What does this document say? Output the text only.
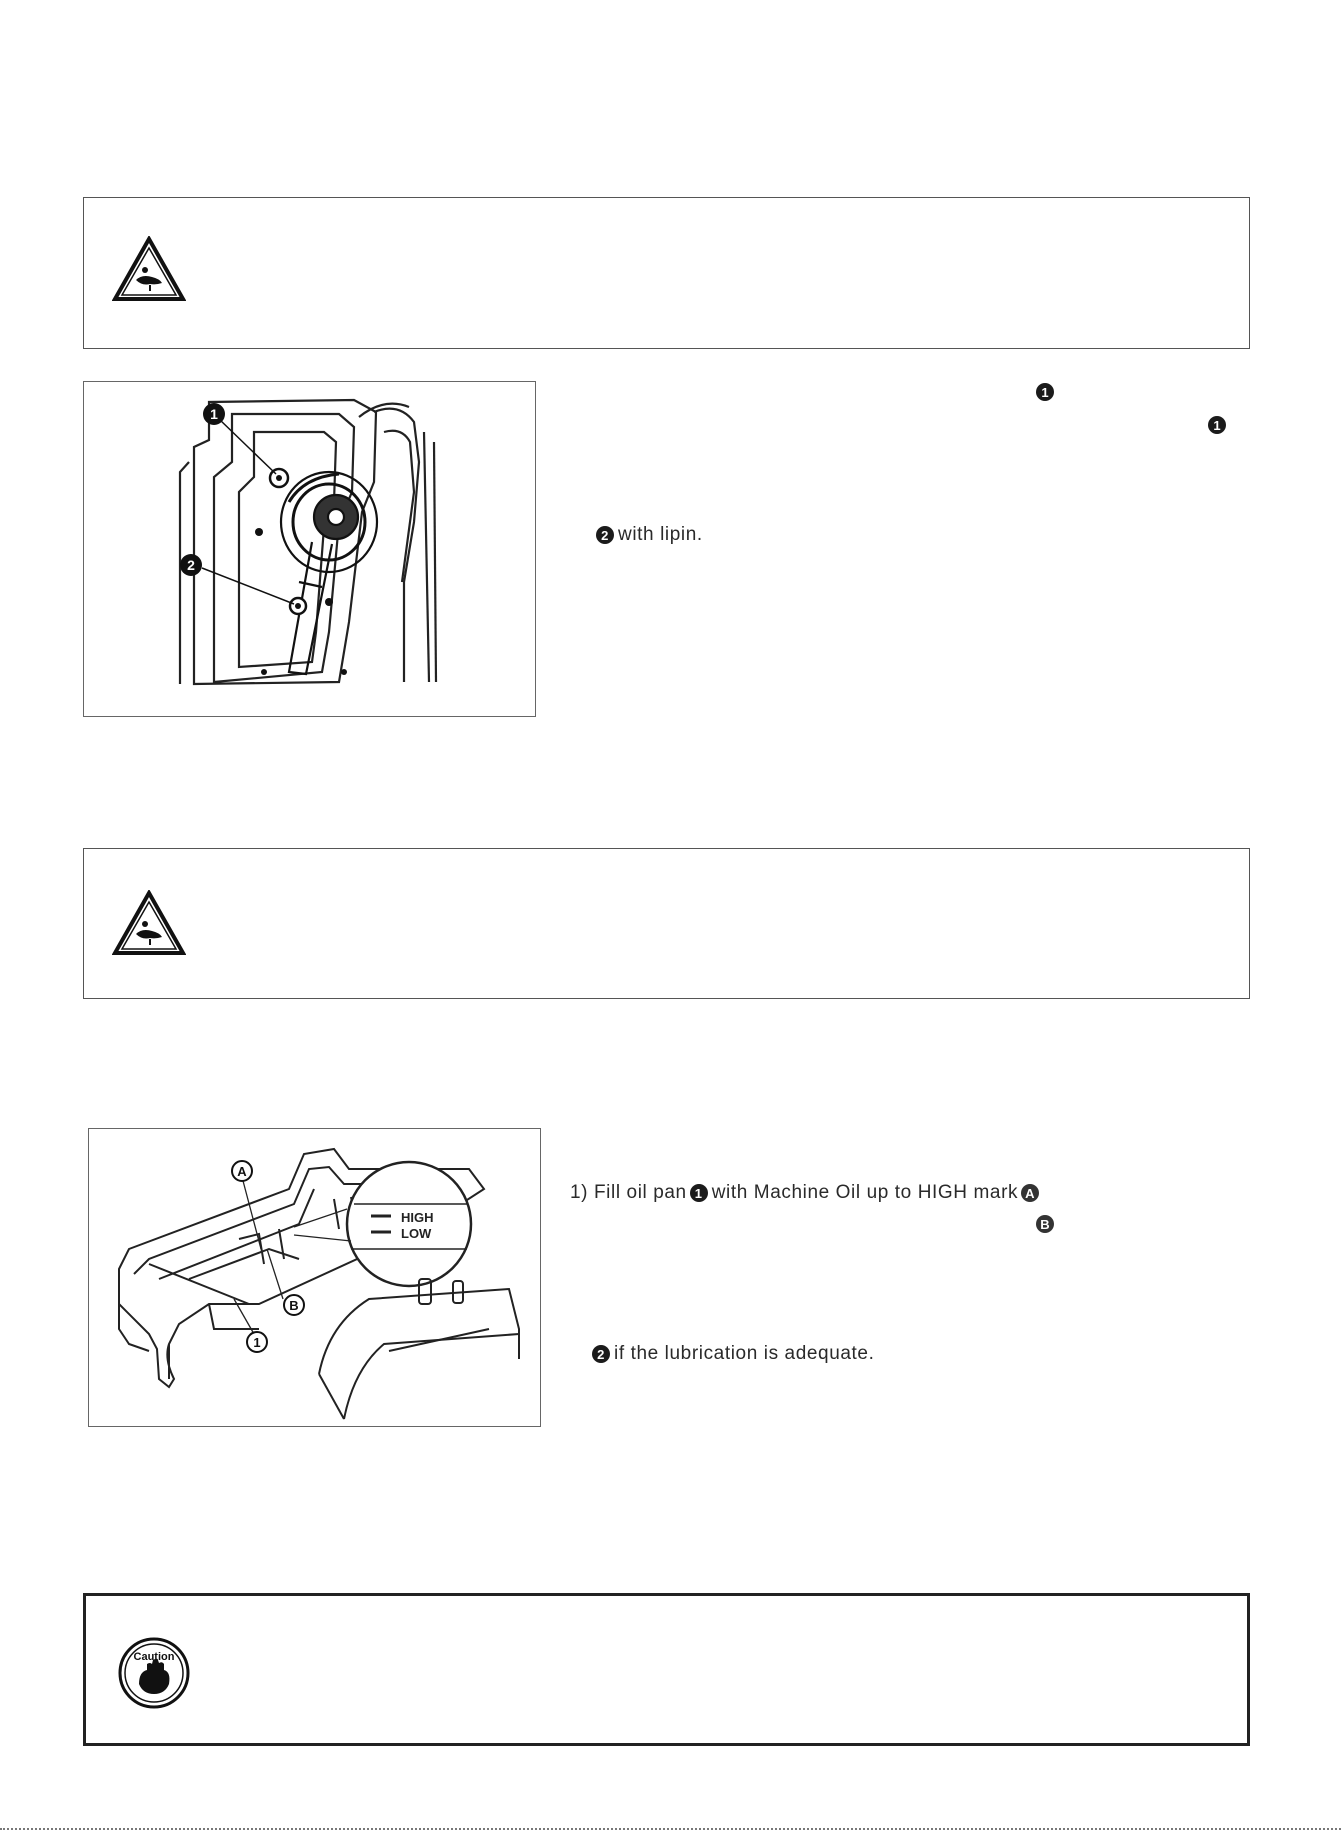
1
2
1
1
2 with lipin.
HIGH
LOW
A
B
1
1) Fill oil pan 1 with Machine Oil up to HIGH mark A
B
2 if the lubrication is adequate.
Caution
